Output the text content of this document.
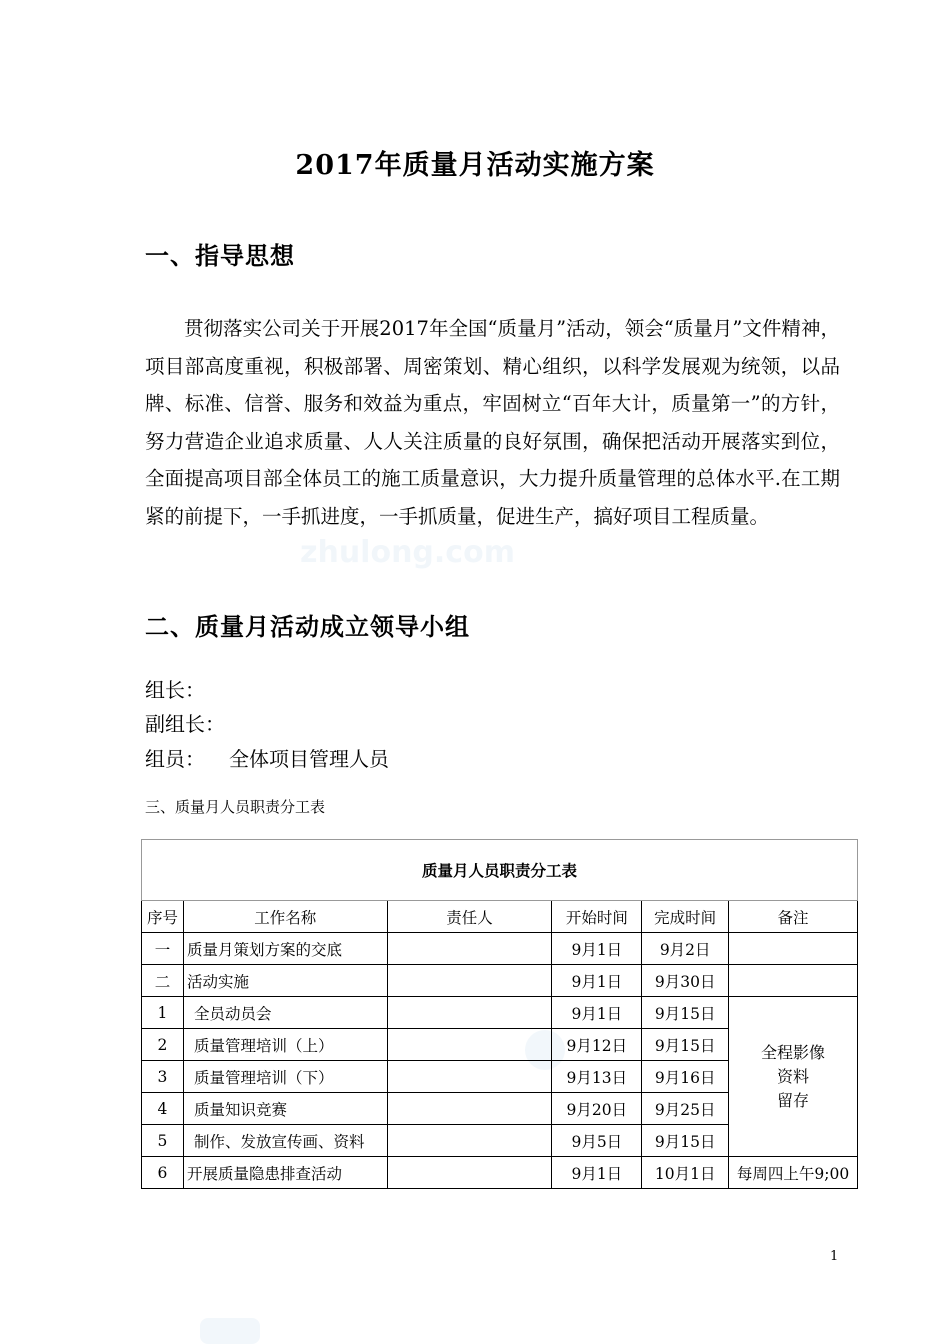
zhulong.com
2017年质量月活动实施方案
一、指导思想
贯彻落实公司关于开展2017年全国“质量月”活动，领会“质量月”文件精神，项目部高度重视，积极部署、周密策划、精心组织，以科学发展观为统领，以品牌、标准、信誉、服务和效益为重点，牢固树立“百年大计，质量第一”的方针，努力营造企业追求质量、人人关注质量的良好氛围，确保把活动开展落实到位，全面提高项目部全体员工的施工质量意识，大力提升质量管理的总体水平.在工期紧的前提下，一手抓进度，一手抓质量，促进生产，搞好项目工程质量。
二、质量月活动成立领导小组
组长：
副组长：
组员： 全体项目管理人员
三、质量月人员职责分工表
质量月人员职责分工表					
序号	工作名称	责任人	开始时间	完成时间	备注
一	质量月策划方案的交底		9月1日	9月2日	
二	活动实施		9月1日	9月30日	
1	全员动员会		9月1日	9月15日	全程影像
资料
留存

2	质量管理培训（上）		9月12日	9月15日	
3	质量管理培训（下）		9月13日	9月16日	
4	质量知识竞赛		9月20日	9月25日	
5	制作、发放宣传画、资料		9月5日	9月15日	
6	开展质量隐患排查活动		9月1日	10月1日	每周四上午9;00
1
